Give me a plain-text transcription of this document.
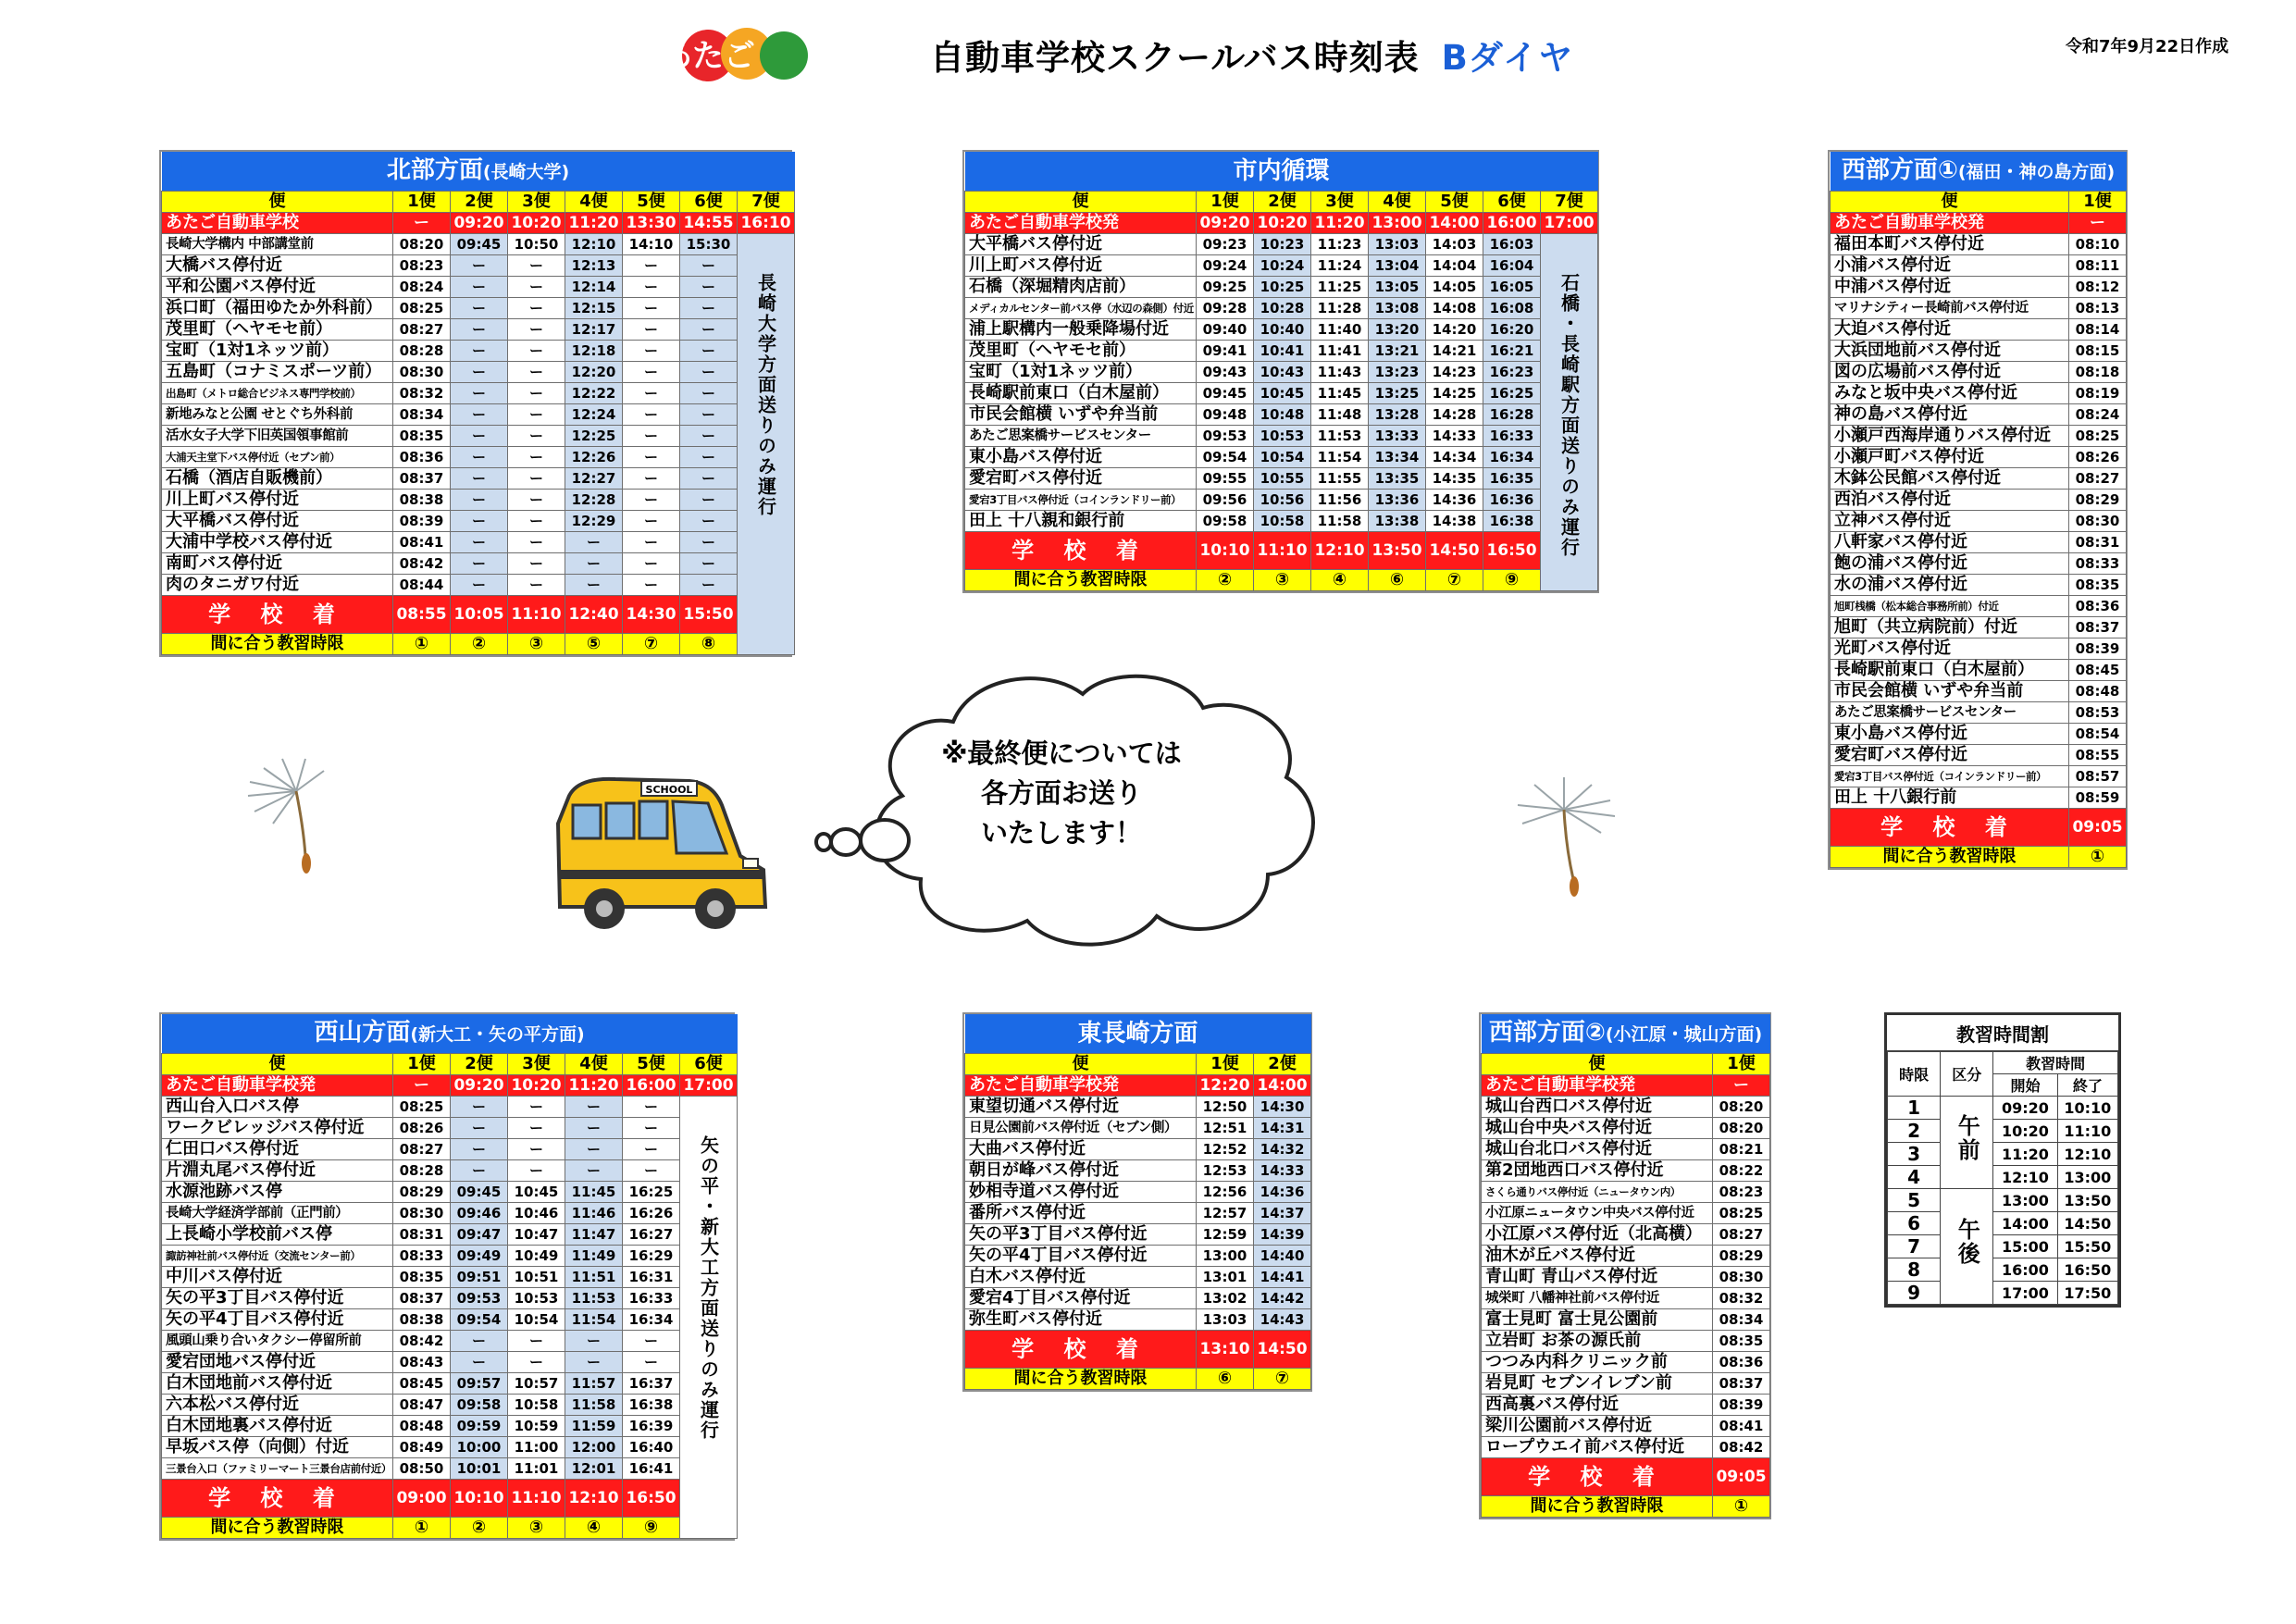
あたご	自動車学校スクールバス時刻表 Bダイヤ	令和7年9月22日作成
北部方面(長崎大学)							
便	1便	2便	3便	4便	5便	6便	7便
あたご自動車学校	ー	09:20	10:20	11:20	13:30	14:55	16:10
長崎大学構内 中部講堂前	08:20	09:45	10:50	12:10	14:10	15:30	長崎大学方面送りのみ運行
大橋バス停付近	08:23	ー	ー	12:13	ー	ー	
平和公園バス停付近	08:24	ー	ー	12:14	ー	ー	
浜口町（福田ゆたか外科前）	08:25	ー	ー	12:15	ー	ー	
茂里町（ヘヤモセ前）	08:27	ー	ー	12:17	ー	ー	
宝町（1対1ネッツ前）	08:28	ー	ー	12:18	ー	ー	
五島町（コナミスポーツ前）	08:30	ー	ー	12:20	ー	ー	
出島町（メトロ総合ビジネス専門学校前）	08:32	ー	ー	12:22	ー	ー	
新地みなと公園 せとぐち外科前	08:34	ー	ー	12:24	ー	ー	
活水女子大学下旧英国領事館前	08:35	ー	ー	12:25	ー	ー	
大浦天主堂下バス停付近（セブン前）	08:36	ー	ー	12:26	ー	ー	
石橋（酒店自販機前）	08:37	ー	ー	12:27	ー	ー	
川上町バス停付近	08:38	ー	ー	12:28	ー	ー	
大平橋バス停付近	08:39	ー	ー	12:29	ー	ー	
大浦中学校バス停付近	08:41	ー	ー	ー	ー	ー	
南町バス停付近	08:42	ー	ー	ー	ー	ー	
肉のタニガワ付近	08:44	ー	ー	ー	ー	ー	
学 校 着	08:55	10:05	11:10	12:40	14:30	15:50	
間に合う教習時限	①	②	③	⑤	⑦	⑧	
市内循環							
便	1便	2便	3便	4便	5便	6便	7便
あたご自動車学校発	09:20	10:20	11:20	13:00	14:00	16:00	17:00
大平橋バス停付近	09:23	10:23	11:23	13:03	14:03	16:03	石橋・長崎駅方面送りのみ運行
川上町バス停付近	09:24	10:24	11:24	13:04	14:04	16:04	
石橋（深堀精肉店前）	09:25	10:25	11:25	13:05	14:05	16:05	
メディカルセンター前バス停（水辺の森側）付近	09:28	10:28	11:28	13:08	14:08	16:08	
浦上駅構内一般乗降場付近	09:40	10:40	11:40	13:20	14:20	16:20	
茂里町（ヘヤモセ前）	09:41	10:41	11:41	13:21	14:21	16:21	
宝町（1対1ネッツ前）	09:43	10:43	11:43	13:23	14:23	16:23	
長崎駅前東口（白木屋前）	09:45	10:45	11:45	13:25	14:25	16:25	
市民会館横 いずや弁当前	09:48	10:48	11:48	13:28	14:28	16:28	
あたご思案橋サービスセンター	09:53	10:53	11:53	13:33	14:33	16:33	
東小島バス停付近	09:54	10:54	11:54	13:34	14:34	16:34	
愛宕町バス停付近	09:55	10:55	11:55	13:35	14:35	16:35	
愛宕3丁目バス停付近（コインランドリー前）	09:56	10:56	11:56	13:36	14:36	16:36	
田上 十八親和銀行前	09:58	10:58	11:58	13:38	14:38	16:38	
学 校 着	10:10	11:10	12:10	13:50	14:50	16:50	
間に合う教習時限	②	③	④	⑥	⑦	⑨	
西部方面①(福田・神の島方面)	
便	1便
あたご自動車学校発	ー
福田本町バス停付近	08:10
小浦バス停付近	08:11
中浦バス停付近	08:12
マリナシティー長崎前バス停付近	08:13
大迫バス停付近	08:14
大浜団地前バス停付近	08:15
図の広場前バス停付近	08:18
みなと坂中央バス停付近	08:19
神の島バス停付近	08:24
小瀬戸西海岸通りバス停付近	08:25
小瀬戸町バス停付近	08:26
木鉢公民館バス停付近	08:27
西泊バス停付近	08:29
立神バス停付近	08:30
八軒家バス停付近	08:31
飽の浦バス停付近	08:33
水の浦バス停付近	08:35
旭町桟橋（松本総合事務所前）付近	08:36
旭町（共立病院前）付近	08:37
光町バス停付近	08:39
長崎駅前東口（白木屋前）	08:45
市民会館横 いずや弁当前	08:48
あたご思案橋サービスセンター	08:53
東小島バス停付近	08:54
愛宕町バス停付近	08:55
愛宕3丁目バス停付近（コインランドリー前）	08:57
田上 十八銀行前	08:59
学 校 着	09:05
間に合う教習時限	①
西山方面(新大工・矢の平方面)						
便	1便	2便	3便	4便	5便	6便
あたご自動車学校発	ー	09:20	10:20	11:20	16:00	17:00
西山台入口バス停	08:25	ー	ー	ー	ー	矢の平・新大工方面送りのみ運行
ワークビレッジバス停付近	08:26	ー	ー	ー	ー	
仁田口バス停付近	08:27	ー	ー	ー	ー	
片淵丸尾バス停付近	08:28	ー	ー	ー	ー	
水源池跡バス停	08:29	09:45	10:45	11:45	16:25	
長崎大学経済学部前（正門前）	08:30	09:46	10:46	11:46	16:26	
上長崎小学校前バス停	08:31	09:47	10:47	11:47	16:27	
諏訪神社前バス停付近（交流センター前）	08:33	09:49	10:49	11:49	16:29	
中川バス停付近	08:35	09:51	10:51	11:51	16:31	
矢の平3丁目バス停付近	08:37	09:53	10:53	11:53	16:33	
矢の平4丁目バス停付近	08:38	09:54	10:54	11:54	16:34	
風頭山乗り合いタクシー停留所前	08:42	ー	ー	ー	ー	
愛宕団地バス停付近	08:43	ー	ー	ー	ー	
白木団地前バス停付近	08:45	09:57	10:57	11:57	16:37	
六本松バス停付近	08:47	09:58	10:58	11:58	16:38	
白木団地裏バス停付近	08:48	09:59	10:59	11:59	16:39	
早坂バス停（向側）付近	08:49	10:00	11:00	12:00	16:40	
三景台入口（ファミリーマート三景台店前付近）	08:50	10:01	11:01	12:01	16:41	
学 校 着	09:00	10:10	11:10	12:10	16:50	
間に合う教習時限	①	②	③	④	⑨	
東長崎方面		
便	1便	2便
あたご自動車学校発	12:20	14:00
東望切通バス停付近	12:50	14:30
日見公園前バス停付近（セブン側）	12:51	14:31
大曲バス停付近	12:52	14:32
朝日が峰バス停付近	12:53	14:33
妙相寺道バス停付近	12:56	14:36
番所バス停付近	12:57	14:37
矢の平3丁目バス停付近	12:59	14:39
矢の平4丁目バス停付近	13:00	14:40
白木バス停付近	13:01	14:41
愛宕4丁目バス停付近	13:02	14:42
弥生町バス停付近	13:03	14:43
学 校 着	13:10	14:50
間に合う教習時限	⑥	⑦
西部方面②(小江原・城山方面)	
便	1便
あたご自動車学校発	ー
城山台西口バス停付近	08:20
城山台中央バス停付近	08:20
城山台北口バス停付近	08:21
第2団地西口バス停付近	08:22
さくら通りバス停付近（ニュータウン内）	08:23
小江原ニュータウン中央バス停付近	08:25
小江原バス停付近（北高横）	08:27
油木が丘バス停付近	08:29
青山町 青山バス停付近	08:30
城栄町 八幡神社前バス停付近	08:32
富士見町 富士見公園前	08:34
立岩町 お茶の源氏前	08:35
つつみ内科クリニック前	08:36
岩見町 セブンイレブン前	08:37
西高裏バス停付近	08:39
梁川公園前バス停付近	08:41
ロープウエイ前バス停付近	08:42
学 校 着	09:05
間に合う教習時限	①
教習時間割			
時限	区分	教習時間	
		開始	終了
1	午前	09:20	10:10
2		10:20	11:10
3		11:20	12:10
4		12:10	13:00
5	午後	13:00	13:50
6		14:00	14:50
7		15:00	15:50
8		16:00	16:50
9		17:00	17:50
※最終便については
各方面お送り
いたします！
SCHOOL
